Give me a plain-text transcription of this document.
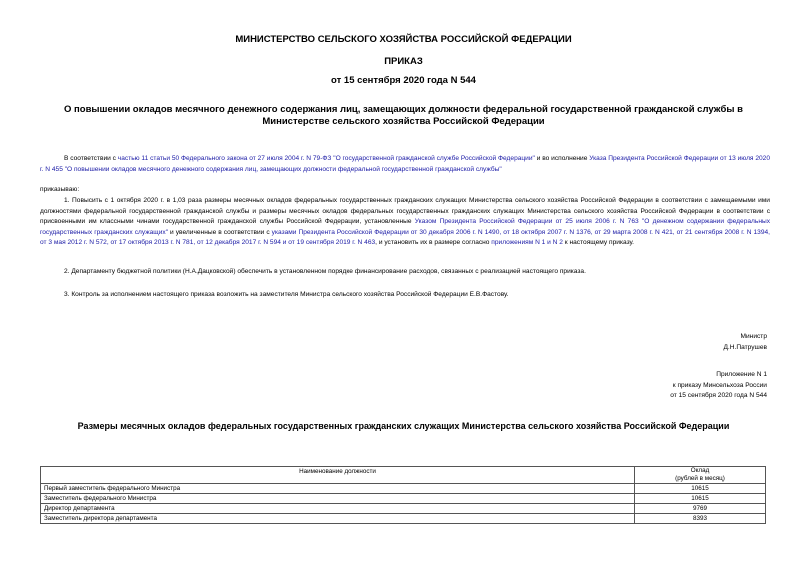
МИНИСТЕРСТВО СЕЛЬСКОГО ХОЗЯЙСТВА РОССИЙСКОЙ ФЕДЕРАЦИИ
ПРИКАЗ
от 15 сентября 2020 года N 544
О повышении окладов месячного денежного содержания лиц, замещающих должности федеральной государственной гражданской службы в Министерстве сельского хозяйства Российской Федерации
В соответствии с частью 11 статьи 50 Федерального закона от 27 июля 2004 г. N 79-ФЗ "О государственной гражданской службе Российской Федерации" и во исполнение Указа Президента Российской Федерации от 13 июля 2020 г. N 455 "О повышении окладов месячного денежного содержания лиц, замещающих должности федеральной государственной гражданской службы"
приказываю:
1. Повысить с 1 октября 2020 г. в 1,03 раза размеры месячных окладов федеральных государственных гражданских служащих Министерства сельского хозяйства Российской Федерации в соответствии с замещаемыми ими должностями федеральной государственной гражданской службы и размеры месячных окладов федеральных государственных гражданских служащих Министерства сельского хозяйства Российской Федерации в соответствии с присвоенными им классными чинами государственной гражданской службы Российской Федерации, установленные Указом Президента Российской Федерации от 25 июля 2006 г. N 763 "О денежном содержании федеральных государственных гражданских служащих" и увеличенные в соответствии с указами Президента Российской Федерации от 30 декабря 2006 г. N 1490, от 18 октября 2007 г. N 1376, от 29 марта 2008 г. N 421, от 21 сентября 2008 г. N 1394, от 3 мая 2012 г. N 572, от 17 октября 2013 г. N 781, от 12 декабря 2017 г. N 594 и от 19 сентября 2019 г. N 463, и установить их в размере согласно приложениям N 1 и N 2 к настоящему приказу.
2. Департаменту бюджетной политики (Н.А.Дацковской) обеспечить в установленном порядке финансирование расходов, связанных с реализацией настоящего приказа.
3. Контроль за исполнением настоящего приказа возложить на заместителя Министра сельского хозяйства Российской Федерации Е.В.Фастову.
Министр
Д.Н.Патрушев
Приложение N 1
к приказу Минсельхоза России
от 15 сентября 2020 года N 544
Размеры месячных окладов федеральных государственных гражданских служащих Министерства сельского хозяйства Российской Федерации
Наименование должности	Оклад
(рублей в месяц)

Первый заместитель федерального Министра	10615
Заместитель федерального Министра	10615
Директор департамента	9769
Заместитель директора департамента	8393
